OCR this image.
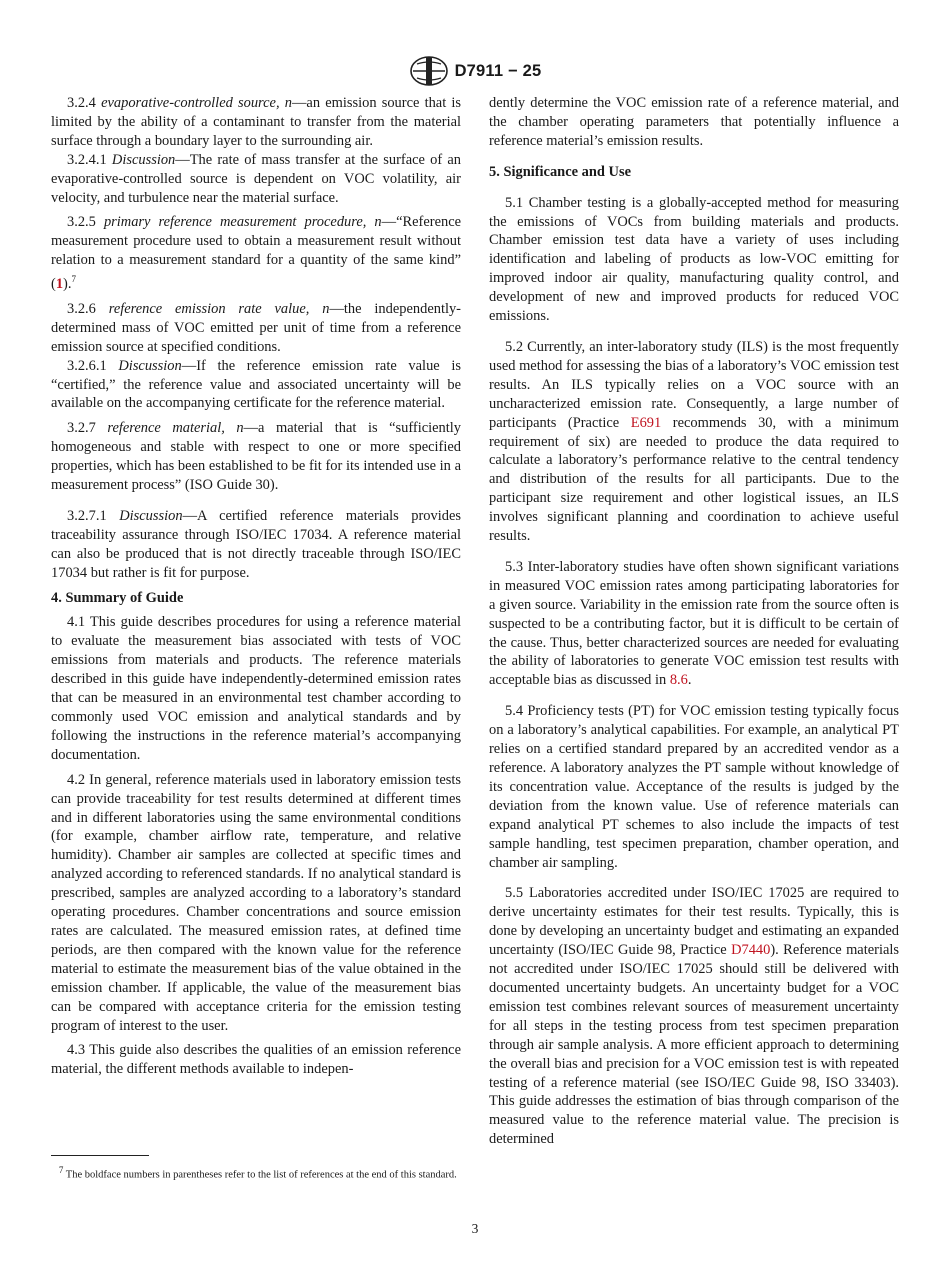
D7911 − 25

3.2.4 evaporative-controlled source, n—an emission source that is limited by the ability of a contaminant to transfer from the material surface through a boundary layer to the surrounding air.

3.2.4.1 Discussion—The rate of mass transfer at the surface of an evaporative-controlled source is dependent on VOC volatility, air velocity, and turbulence near the material surface.

3.2.5 primary reference measurement procedure, n—“Reference measurement procedure used to obtain a measurement result without relation to a measurement standard for a quantity of the same kind” (1).$^7$

3.2.6 reference emission rate value, n—the independently-determined mass of VOC emitted per unit of time from a reference emission source at specified conditions.

3.2.6.1 Discussion—If the reference emission rate value is “certified,” the reference value and associated uncertainty will be available on the accompanying certificate for the reference material.

3.2.7 reference material, n—a material that is “sufficiently homogeneous and stable with respect to one or more specified properties, which has been established to be fit for its intended use in a measurement process” (ISO Guide 30).

3.2.7.1 Discussion—A certified reference materials provides traceability assurance through ISO/IEC 17034. A reference material can also be produced that is not directly traceable through ISO/IEC 17034 but rather is fit for purpose.

4. Summary of Guide

4.1 This guide describes procedures for using a reference material to evaluate the measurement bias associated with tests of VOC emissions from materials and products. The reference materials described in this guide have independently-determined emission rates that can be measured in an environmental test chamber according to commonly used VOC emission and analytical standards and by following the instructions in the reference material’s accompanying documentation.

4.2 In general, reference materials used in laboratory emission tests can provide traceability for test results determined at different times and in different laboratories using the same environmental conditions (for example, chamber airflow rate, temperature, and relative humidity). Chamber air samples are collected at specific times and analyzed according to referenced standards. If no analytical standard is prescribed, samples are analyzed according to a laboratory’s standard operating procedures. Chamber concentrations and source emission rates are calculated. The measured emission rates, at defined time periods, are then compared with the known value for the reference material to estimate the measurement bias of the value obtained in the emission chamber. If applicable, the value of the measurement bias can be compared with acceptance criteria for the emission testing program of interest to the user.

4.3 This guide also describes the qualities of an emission reference material, the different methods available to indepen-

$^7$ The boldface numbers in parentheses refer to the list of references at the end of this standard.

dently determine the VOC emission rate of a reference material, and the chamber operating parameters that potentially influence a reference material’s emission results.

5. Significance and Use

5.1 Chamber testing is a globally-accepted method for measuring the emissions of VOCs from building materials and products. Chamber emission test data have a variety of uses including identification and labeling of products as low-VOC emitting for improved indoor air quality, manufacturing quality control, and development of new and improved products for reduced VOC emissions.

5.2 Currently, an inter-laboratory study (ILS) is the most frequently used method for assessing the bias of a laboratory’s VOC emission test results. An ILS typically relies on a VOC source with an uncharacterized emission rate. Consequently, a large number of participants (Practice E691 recommends 30, with a minimum requirement of six) are needed to produce the data required to calculate a laboratory’s performance relative to the central tendency and distribution of the results for all participants. Due to the participant size requirement and other logistical issues, an ILS involves significant planning and coordination to achieve useful results.

5.3 Inter-laboratory studies have often shown significant variations in measured VOC emission rates among participating laboratories for a given source. Variability in the emission rate from the source often is suspected to be a contributing factor, but it is difficult to be certain of the cause. Thus, better characterized sources are needed for evaluating the ability of laboratories to generate VOC emission test results with acceptable bias as discussed in 8.6.

5.4 Proficiency tests (PT) for VOC emission testing typically focus on a laboratory’s analytical capabilities. For example, an analytical PT relies on a certified standard prepared by an accredited vendor as a reference. A laboratory analyzes the PT sample without knowledge of its concentration value. Acceptance of the results is judged by the deviation from the known value. Use of reference materials can expand analytical PT schemes to also include the impacts of test sample handling, test specimen preparation, chamber operation, and chamber air sampling.

5.5 Laboratories accredited under ISO/IEC 17025 are required to derive uncertainty estimates for their test results. Typically, this is done by developing an uncertainty budget and estimating an expanded uncertainty (ISO/IEC Guide 98, Practice D7440). Reference materials not accredited under ISO/IEC 17025 should still be delivered with documented uncertainty budgets. An uncertainty budget for a VOC emission test combines relevant sources of measurement uncertainty for all steps in the testing process from test specimen preparation through air sample analysis. A more efficient approach to determining the overall bias and precision for a VOC emission test is with repeated testing of a reference material (see ISO/IEC Guide 98, ISO 33403). This guide addresses the estimation of bias through comparison of the measured value to the reference material value. The precision is determined

3
